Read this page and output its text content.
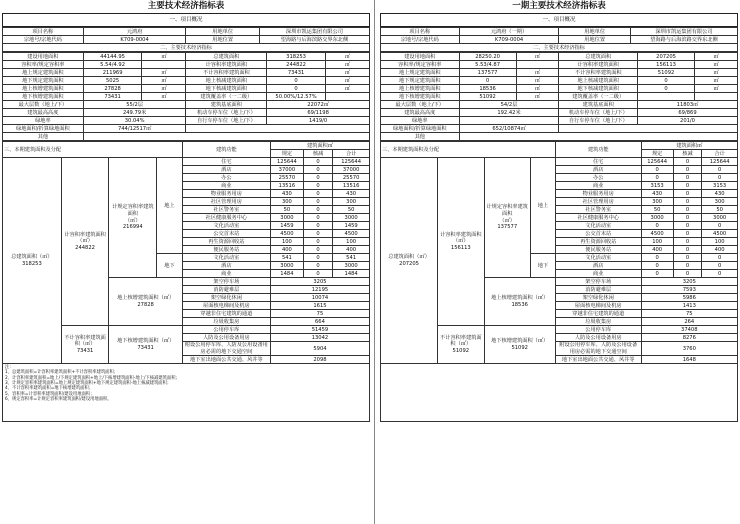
主要技术经济指标表
一、项目概况
项目名称	元鸿府	用地单位	深圳市凯运集团有限公司
宗地号/宗地代码	K709-0004	用地位置	望海路与后海滨路交界东北侧
二、主要技术经济指标			
建设用地面积	44144.95	㎡	总建筑面积	318253	㎡
容积率/规定容积率	5.54/4.92		计容积率建筑面积	244822	㎡
地上规定建筑面积	211969	㎡	不计容积率建筑面积	73431	㎡
地下规定建筑面积	5025	㎡	地上核减建筑面积	0	㎡
地上核增建筑面积	27828	㎡	地下核减建筑面积	0	㎡
地下核增建筑面积	73431	㎡	建筑覆盖率（一二级）	50.00%/12.57%	
最大层数（地上/下）	55/2层		建筑基底面积	22072㎡	
建筑最高高度	249.79米		机动车停车位（地上/下）	69/1198	
绿地率	30.04%		自行车停车位（地上/下）	1419/0	
绿地面积/折算绿地面积	744/12517㎡				
其他					
三、本期建筑面积及分配				建筑功能	建筑面积㎡		
					规定	核减	合计
总建筑面积（㎡）
318253	计容积率建筑面积
（㎡）
244822	计规定容积率建筑面积
（㎡）
216994	地上	住宅	125644	0	125644
				酒店	37000	0	37000
				办公	25570	0	25570
				商业	13516	0	13516
				物业服务用房	430	0	430
				社区管理用房	300	0	300
				社区警务室	50	0	50
				社区健康服务中心	3000	0	3000
				文化活动室	1459	0	1459
				公交首末站	4500	0	4500
				再生资源回收站	100	0	100
				便民服务站	400	0	400
			地下	文化活动室	541	0	541
				酒店	3000	0	3000
				商业	1484	0	1484
		地上核增建筑面积（㎡）
27828		架空停车场	3205		
				消防避难层	12195		
				架空绿化休闲	10074		
				屋面核电梯间及机房	1615		
				穿越非住宅建筑的通道	75		
				垃圾收集房	664		
	不计容积率建筑面积（㎡）
73431	地下核增建筑面积（㎡）
73431		公用停车库	51459		
				人防及公用设备用房	13042		
				附设公用停车库、人防及公用设备用房必需的地下交通空间	5904		
				地下室出地面公共交通、风井等	2098		
注：
1、总建筑面积=计容积率建筑面积+不计容积率建筑面积；
2、计容积率建筑面积=地上/下规定建筑面积+地上/下核增建筑面积-地上/下核减建筑面积；
3、计规定容积率建筑面积=地上规定建筑面积+地下规定建筑面积-地上核减建筑面积；
4、不计容积率建筑面积=地下核增建筑面积；
5、容积率=计容积率建筑面积/建设用地面积；
6、规定容积率=计规定容积率建筑面积/建设用地面积。
一期主要技术经济指标表
一、项目概况
项目名称	元鸿府（一期）	用地单位	深圳市凯运集团有限公司
宗地号/宗地代码	K709-0004	用地位置	望海路与后海滨路交界东北侧
二、主要技术经济指标			
建设用地面积	28250.20	㎡	总建筑面积	207205	㎡
容积率/规定容积率	5.53/4.87		计容积率建筑面积	156113	㎡
地上规定建筑面积	137577	㎡	不计容积率建筑面积	51092	㎡
地下规定建筑面积	0	㎡	地上核减建筑面积	0	㎡
地上核增建筑面积	18536	㎡	地下核减建筑面积	0	㎡
地下核增建筑面积	51092	㎡	建筑覆盖率（一二级）		
最大层数（地上/下）	54/2层		建筑基底面积	11803㎡	
建筑最高高度	192.42米		机动车停车位（地上/下）	69/869	
绿地率			自行车停车位（地上/下）	201/0	
绿地面积/折算绿地面积	652/10874㎡				
其他					
三、本期建筑面积及分配				建筑功能	建筑面积㎡		
					规定	核减	合计
总建筑面积（㎡）
207205	计容积率建筑面积
（㎡）
156113	计规定容积率建筑面积
（㎡）
137577	地上	住宅	125644	0	125644
				酒店	0	0	0
				办公	0	0	0
				商业	3153	0	3153
				物业服务用房	430	0	430
				社区管理用房	300	0	300
				社区警务室	50	0	50
				社区健康服务中心	3000	0	3000
				文化活动室	0	0	0
				公交首末站	4500	0	4500
				再生资源回收站	100	0	100
				便民服务站	400	0	400
			地下	文化活动室	0	0	0
				酒店	0	0	0
				商业	0	0	0
		地上核增建筑面积（㎡）
18536		架空停车场	3205		
				消防避难层	7593		
				架空绿化休闲	5986		
				屋面核电梯间及机房	1413		
				穿越非住宅建筑的通道	75		
				垃圾收集房	264		
	不计容积率建筑面积（㎡）
51092	地下核增建筑面积（㎡）
51092		公用停车库	37408		
				人防及公用设备用房	8276		
				附设公用停车库、人防及公用设备用房必需的地下交通空间	3760		
				地下室出地面公共交通、风井等	1648		
